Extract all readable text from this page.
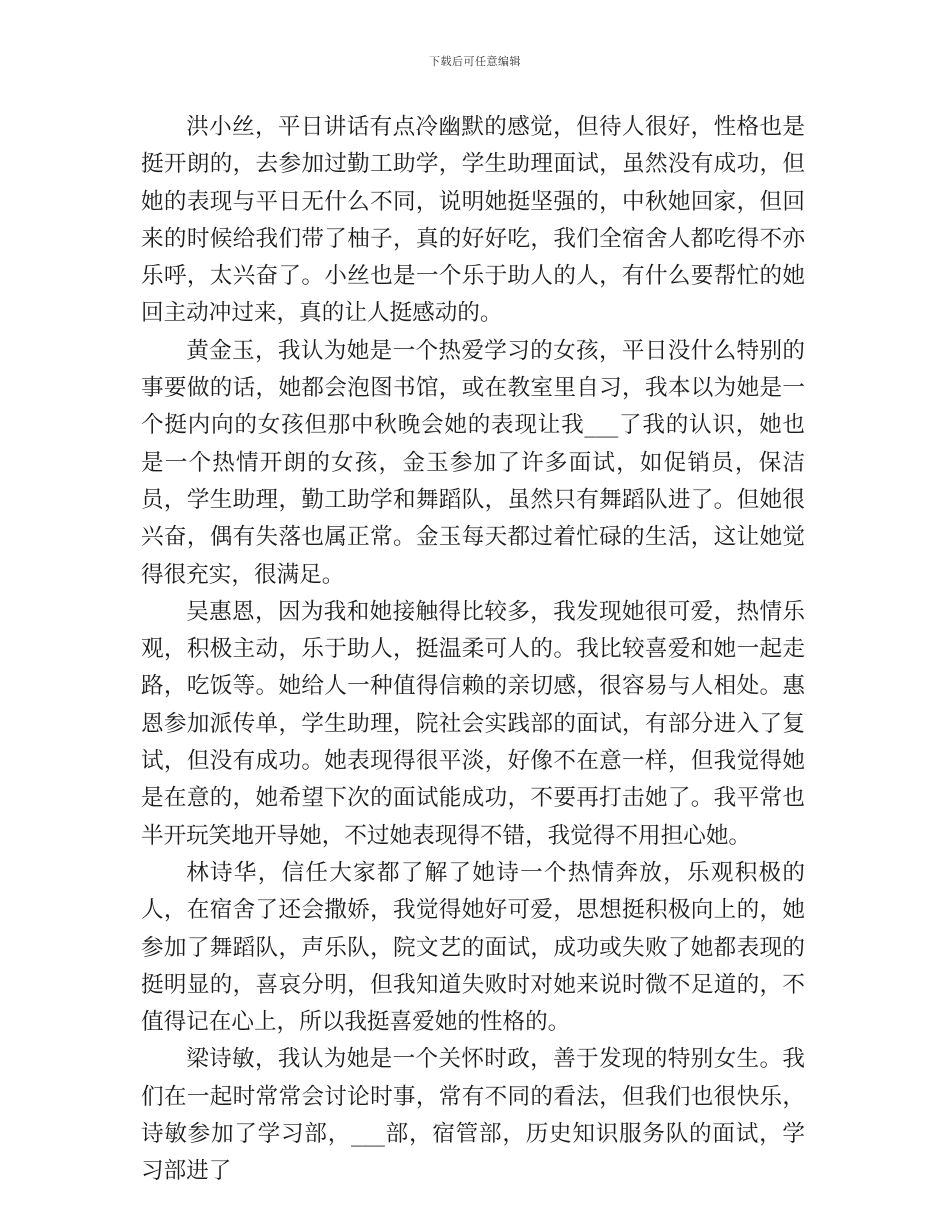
下载后可任意编辑

洪小丝，平日讲话有点冷幽默的感觉，但待人很好，性格也是挺开朗的，去参加过勤工助学，学生助理面试，虽然没有成功，但她的表现与平日无什么不同，说明她挺坚强的，中秋她回家，但回来的时候给我们带了柚子，真的好好吃，我们全宿舍人都吃得不亦乐呼，太兴奋了。小丝也是一个乐于助人的人，有什么要帮忙的她回主动冲过来，真的让人挺感动的。

黄金玉，我认为她是一个热爱学习的女孩，平日没什么特别的事要做的话，她都会泡图书馆，或在教室里自习，我本以为她是一个挺内向的女孩但那中秋晚会她的表现让我___了我的认识，她也是一个热情开朗的女孩，金玉参加了许多面试，如促销员，保洁员，学生助理，勤工助学和舞蹈队，虽然只有舞蹈队进了。但她很兴奋，偶有失落也属正常。金玉每天都过着忙碌的生活，这让她觉得很充实，很满足。

吴惠恩，因为我和她接触得比较多，我发现她很可爱，热情乐观，积极主动，乐于助人，挺温柔可人的。我比较喜爱和她一起走路，吃饭等。她给人一种值得信赖的亲切感，很容易与人相处。惠恩参加派传单，学生助理，院社会实践部的面试，有部分进入了复试，但没有成功。她表现得很平淡，好像不在意一样，但我觉得她是在意的，她希望下次的面试能成功，不要再打击她了。我平常也半开玩笑地开导她，不过她表现得不错，我觉得不用担心她。

林诗华，信任大家都了解了她诗一个热情奔放，乐观积极的人，在宿舍了还会撒娇，我觉得她好可爱，思想挺积极向上的，她参加了舞蹈队，声乐队，院文艺的面试，成功或失败了她都表现的挺明显的，喜哀分明，但我知道失败时对她来说时微不足道的，不值得记在心上，所以我挺喜爱她的性格的。

梁诗敏，我认为她是一个关怀时政，善于发现的特别女生。我们在一起时常常会讨论时事，常有不同的看法，但我们也很快乐，诗敏参加了学习部，___部，宿管部，历史知识服务队的面试，学习部进了
